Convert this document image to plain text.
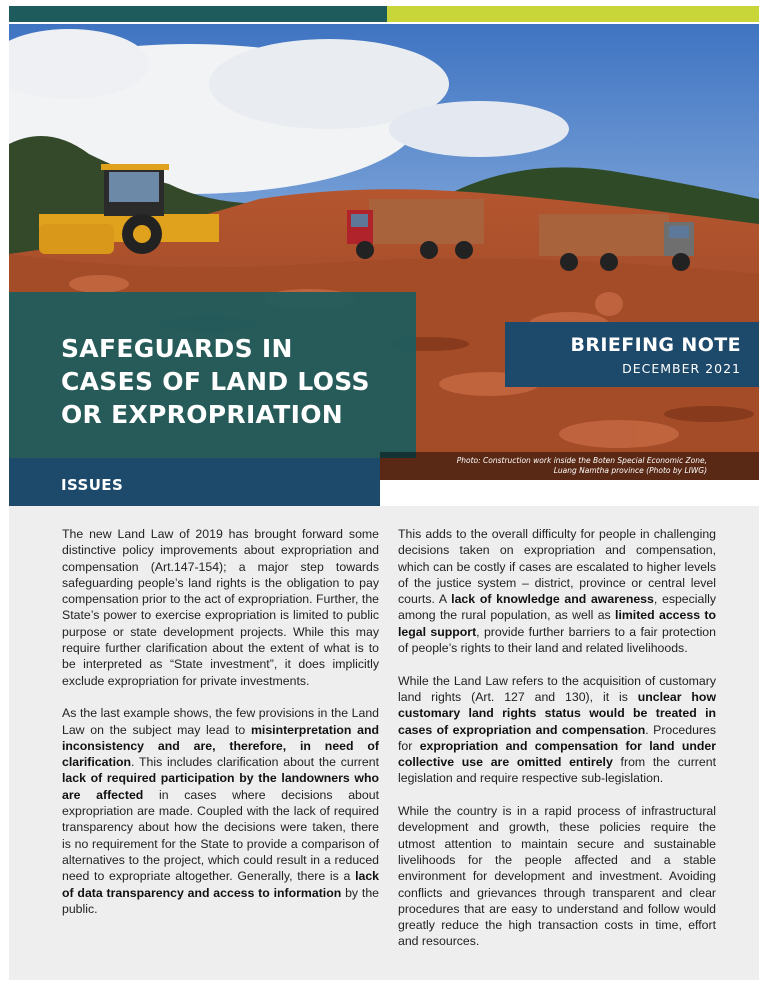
SAFEGUARDS IN
CASES OF LAND LOSS
OR EXPROPRIATION
BRIEFING NOTE
DECEMBER 2021
Photo: Construction work inside the Boten Special Economic Zone,
Luang Namtha province (Photo by LIWG)
ISSUES

The new Land Law of 2019 has brought forward some distinctive policy improvements about expropriation and compensation (Art.147-154); a major step towards safeguarding people’s land rights is the obligation to pay compensation prior to the act of expropriation. Further, the State’s power to exercise expropriation is limited to public purpose or state development projects. While this may require further clarification about the extent of what is to be interpreted as “State investment”, it does implicitly exclude expropriation for private investments.

As the last example shows, the few provisions in the Land Law on the subject may lead to misinterpretation and inconsistency and are, therefore, in need of clarification. This includes clarification about the current lack of required participation by the landowners who are affected in cases where decisions about expropriation are made. Coupled with the lack of required transparency about how the decisions were taken, there is no requirement for the State to provide a comparison of alternatives to the project, which could result in a reduced need to expropriate altogether. Generally, there is a lack of data transparency and access to information by the public.

This adds to the overall difficulty for people in challenging decisions taken on expropriation and compensation, which can be costly if cases are escalated to higher levels of the justice system – district, province or central level courts. A lack of knowledge and awareness, especially among the rural population, as well as limited access to legal support, provide further barriers to a fair protection of people’s rights to their land and related livelihoods.

While the Land Law refers to the acquisition of customary land rights (Art. 127 and 130), it is unclear how customary land rights status would be treated in cases of expropriation and compensation. Procedures for expropriation and compensation for land under collective use are omitted entirely from the current legislation and require respective sub-legislation.

While the country is in a rapid process of infrastructural development and growth, these policies require the utmost attention to maintain secure and sustainable livelihoods for the people affected and a stable environment for development and investment. Avoiding conflicts and grievances through transparent and clear procedures that are easy to understand and follow would greatly reduce the high transaction costs in time, effort and resources.
